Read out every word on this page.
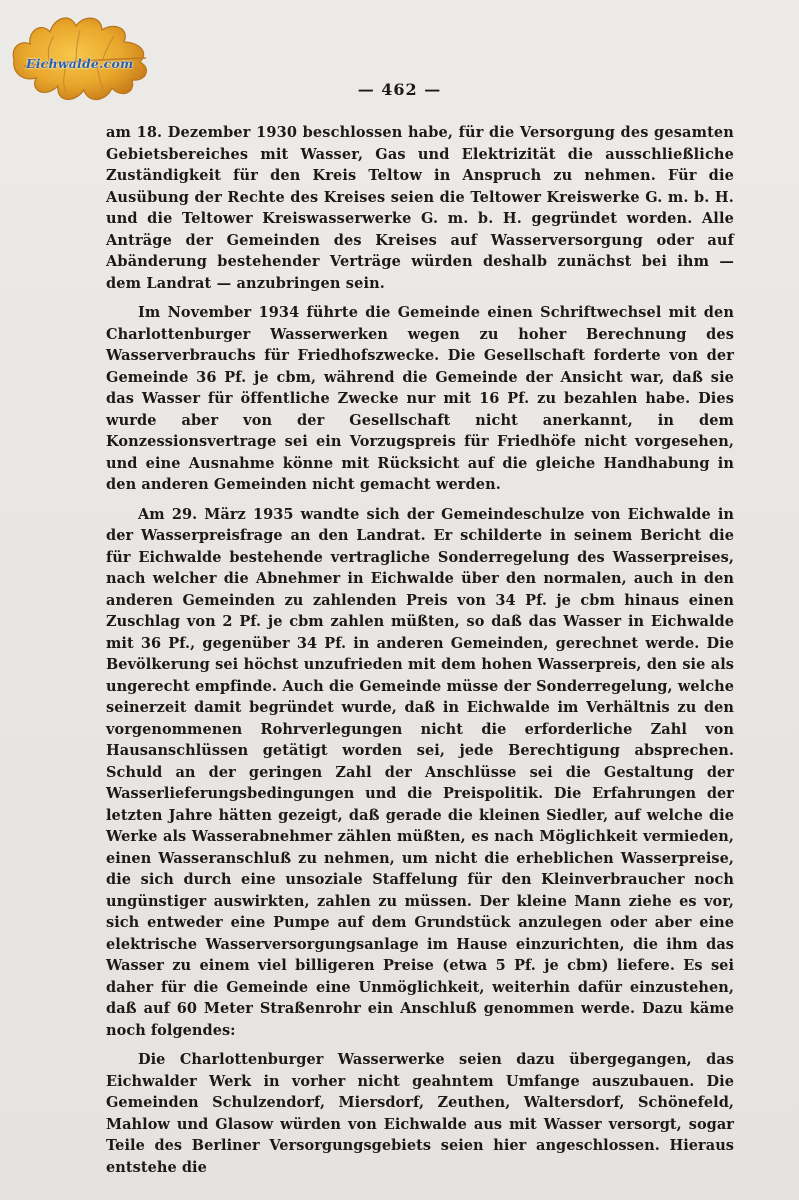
Eichwalde.com
— 462 —

am 18. Dezember 1930 beschlossen habe, für die Versorgung des gesamten Gebietsbereiches mit Wasser, Gas und Elektrizität die ausschließliche Zuständigkeit für den Kreis Teltow in Anspruch zu nehmen. Für die Ausübung der Rechte des Kreises seien die Teltower Kreiswerke G. m. b. H. und die Teltower Kreiswasserwerke G. m. b. H. gegründet worden. Alle Anträge der Gemeinden des Kreises auf Wasserversorgung oder auf Abänderung bestehender Verträge würden deshalb zunächst bei ihm — dem Landrat — anzubringen sein.

Im November 1934 führte die Gemeinde einen Schriftwechsel mit den Charlottenburger Wasserwerken wegen zu hoher Berechnung des Wasserverbrauchs für Friedhofszwecke. Die Gesellschaft forderte von der Gemeinde 36 Pf. je cbm, während die Gemeinde der Ansicht war, daß sie das Wasser für öffentliche Zwecke nur mit 16 Pf. zu bezahlen habe. Dies wurde aber von der Gesellschaft nicht anerkannt, in dem Konzessionsvertrage sei ein Vorzugspreis für Friedhöfe nicht vorgesehen, und eine Ausnahme könne mit Rücksicht auf die gleiche Handhabung in den anderen Gemeinden nicht gemacht werden.

Am 29. März 1935 wandte sich der Gemeindeschulze von Eichwalde in der Wasserpreisfrage an den Landrat. Er schilderte in seinem Bericht die für Eichwalde bestehende vertragliche Sonderregelung des Wasserpreises, nach welcher die Abnehmer in Eichwalde über den normalen, auch in den anderen Gemeinden zu zahlenden Preis von 34 Pf. je cbm hinaus einen Zuschlag von 2 Pf. je cbm zahlen müßten, so daß das Wasser in Eichwalde mit 36 Pf., gegenüber 34 Pf. in anderen Gemeinden, gerechnet werde. Die Bevölkerung sei höchst unzufrieden mit dem hohen Wasserpreis, den sie als ungerecht empfinde. Auch die Gemeinde müsse der Sonderregelung, welche seinerzeit damit begründet wurde, daß in Eichwalde im Verhältnis zu den vorgenommenen Rohrverlegungen nicht die erforderliche Zahl von Hausanschlüssen getätigt worden sei, jede Berechtigung absprechen. Schuld an der geringen Zahl der Anschlüsse sei die Gestaltung der Wasserlieferungsbedingungen und die Preispolitik. Die Erfahrungen der letzten Jahre hätten gezeigt, daß gerade die kleinen Siedler, auf welche die Werke als Wasserabnehmer zählen müßten, es nach Möglichkeit vermieden, einen Wasseranschluß zu nehmen, um nicht die erheblichen Wasserpreise, die sich durch eine unsoziale Staffelung für den Kleinverbraucher noch ungünstiger auswirkten, zahlen zu müssen. Der kleine Mann ziehe es vor, sich entweder eine Pumpe auf dem Grundstück anzulegen oder aber eine elektrische Wasserversorgungsanlage im Hause einzurichten, die ihm das Wasser zu einem viel billigeren Preise (etwa 5 Pf. je cbm) liefere. Es sei daher für die Gemeinde eine Unmöglichkeit, weiterhin dafür einzustehen, daß auf 60 Meter Straßenrohr ein Anschluß genommen werde. Dazu käme noch folgendes:

Die Charlottenburger Wasserwerke seien dazu übergegangen, das Eichwalder Werk in vorher nicht geahntem Umfange auszubauen. Die Gemeinden Schulzendorf, Miersdorf, Zeuthen, Waltersdorf, Schönefeld, Mahlow und Glasow würden von Eichwalde aus mit Wasser versorgt, sogar Teile des Berliner Versorgungsgebiets seien hier angeschlossen. Hieraus entstehe die
